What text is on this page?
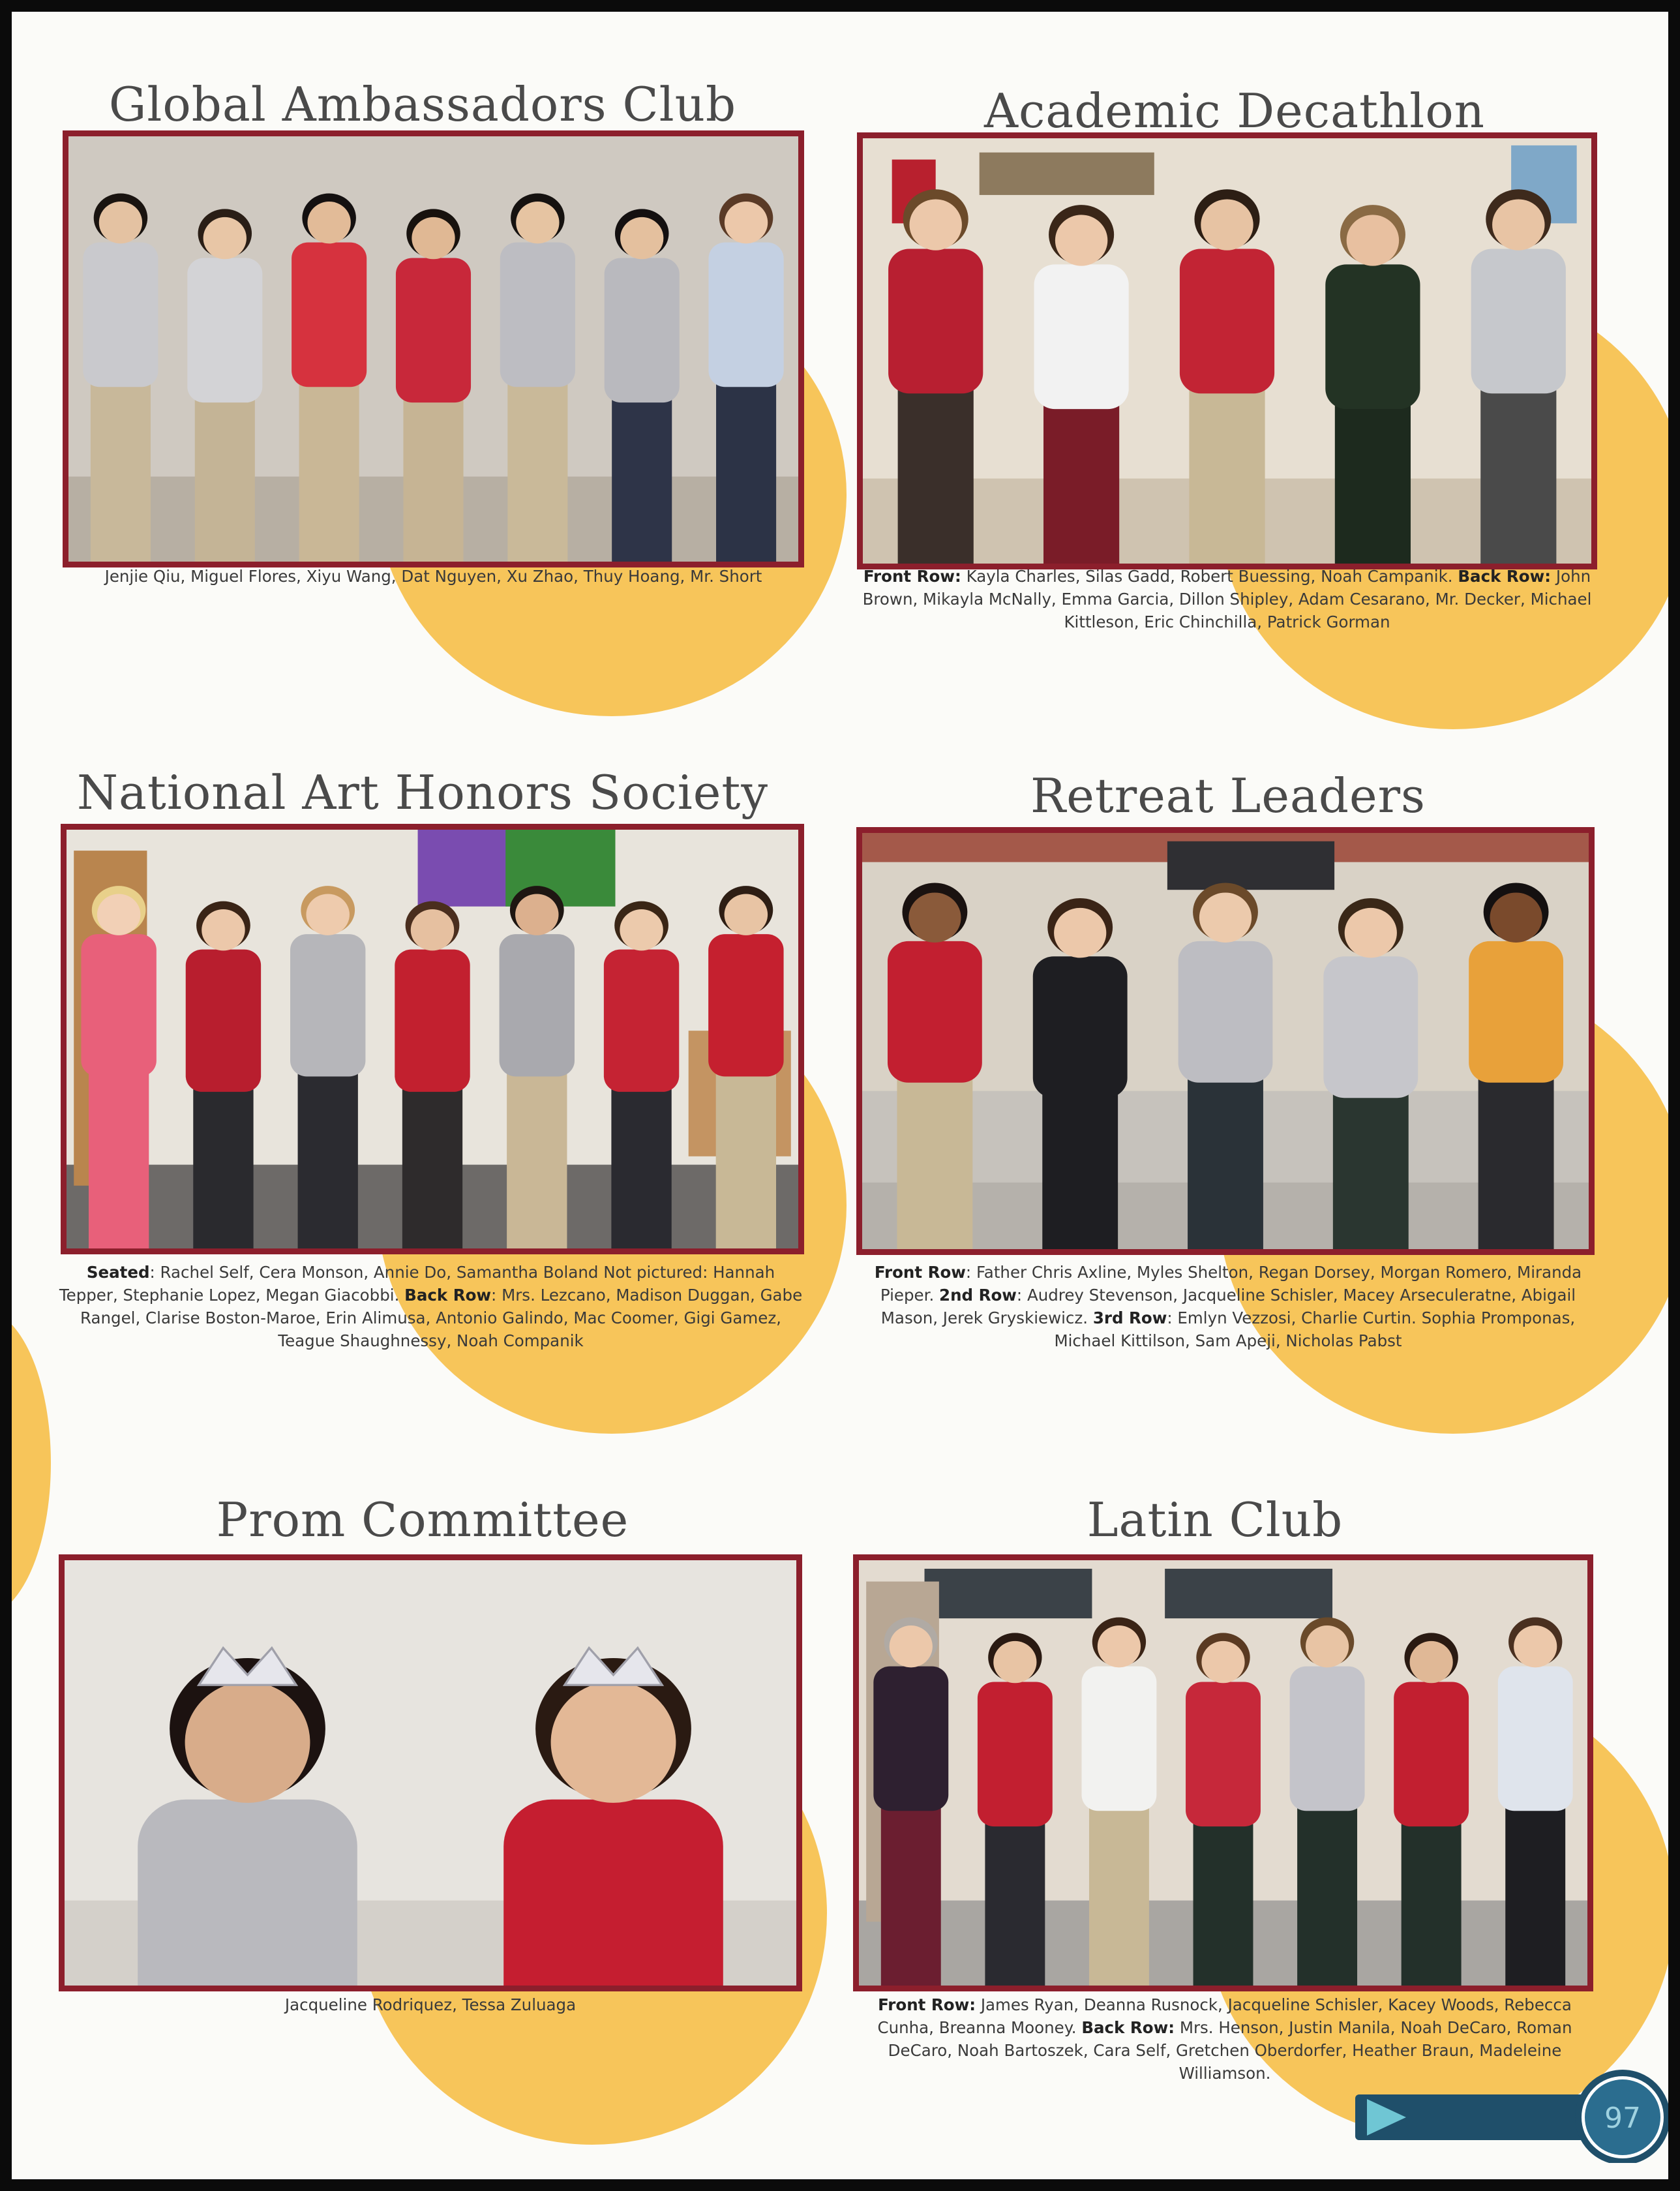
Global Ambassadors Club

Jenjie Qiu, Miguel Flores, Xiyu Wang, Dat Nguyen, Xu Zhao, Thuy Hoang, Mr. Short

Academic Decathlon

Front Row: Kayla Charles, Silas Gadd, Robert Buessing, Noah Campanik. Back Row: John Brown, Mikayla McNally, Emma Garcia, Dillon Shipley, Adam Cesarano, Mr. Decker, Michael Kittleson, Eric Chinchilla, Patrick Gorman

National Art Honors Society

Seated: Rachel Self, Cera Monson, Annie Do, Samantha Boland Not pictured: Hannah Tepper, Stephanie Lopez, Megan Giacobbi. Back Row: Mrs. Lezcano, Madison Duggan, Gabe Rangel, Clarise Boston-Maroe, Erin Alimusa, Antonio Galindo, Mac Coomer, Gigi Gamez, Teague Shaughnessy, Noah Companik

Retreat Leaders

Front Row: Father Chris Axline, Myles Shelton, Regan Dorsey, Morgan Romero, Miranda Pieper. 2nd Row: Audrey Stevenson, Jacqueline Schisler, Macey Arseculeratne, Abigail Mason, Jerek Gryskiewicz. 3rd Row: Emlyn Vezzosi, Charlie Curtin. Sophia Promponas, Michael Kittilson, Sam Apeji, Nicholas Pabst

Prom Committee

Jacqueline Rodriquez, Tessa Zuluaga

Latin Club

Front Row: James Ryan, Deanna Rusnock, Jacqueline Schisler, Kacey Woods, Rebecca Cunha, Breanna Mooney. Back Row: Mrs. Henson, Justin Manila, Noah DeCaro, Roman DeCaro, Noah Bartoszek, Cara Self, Gretchen Oberdorfer, Heather Braun, Madeleine Williamson.

97
